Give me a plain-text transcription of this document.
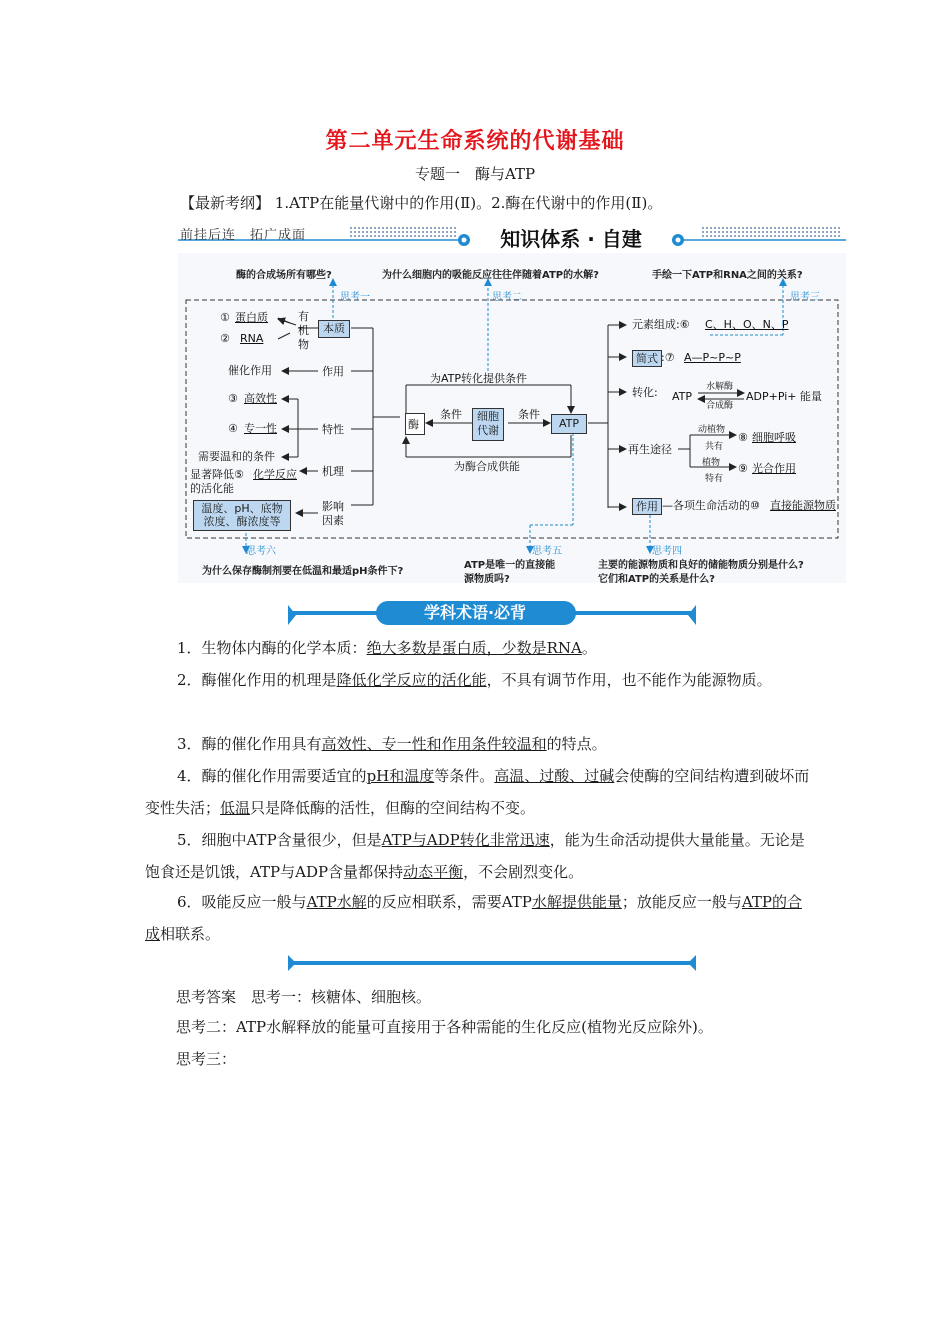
第二单元生命系统的代谢基础
专题一　酶与ATP
【最新考纲】 1.ATP在能量代谢中的作用(Ⅱ)。2.酶在代谢中的作用(Ⅱ)。
前挂后连　拓广成面	知识体系 · 自建
酶的合成场所有哪些?	为什么细胞内的吸能反应往往伴随着ATP的水解?	手绘一下ATP和RNA之间的关系?
思考一	思考二	思考三
思考六	思考五	思考四
为什么保存酶制剂要在低温和最适pH条件下?
ATP是唯一的直接能
源物质吗?
主要的能源物质和良好的储能物质分别是什么?
它们和ATP的关系是什么?
① 蛋白质
② RNA
有
机
物
本质
催化作用	作用
③ 高效性
④ 专一性
需要温和的条件
特性
显著降低⑤ 化学反应
的活化能
机理
温度、pH、底物
浓度、酶浓度等
影响
因素
酶
细胞
代谢
ATP
条件	条件
为ATP转化提供条件
为酶合成供能
元素组成:⑥ C、H、O、N、P
简式 :⑦ A—P~P~P
转化: ATP
水解酶
合成酶
ADP+Pi+ 能量
再生途径
动植物
共有
⑧ 细胞呼吸
植物
特有
⑨ 光合作用
作用 —各项生命活动的⑩ 直接能源物质
学科术语·必背
1．生物体内酶的化学本质：绝大多数是蛋白质，少数是RNA。
2．酶催化作用的机理是降低化学反应的活化能，不具有调节作用，也不能作为能源物质。
3．酶的催化作用具有高效性、专一性和作用条件较温和的特点。
4．酶的催化作用需要适宜的pH和温度等条件。高温、过酸、过碱会使酶的空间结构遭到破坏而变性失活；低温只是降低酶的活性，但酶的空间结构不变。
5．细胞中ATP含量很少，但是ATP与ADP转化非常迅速，能为生命活动提供大量能量。无论是饱食还是饥饿，ATP与ADP含量都保持动态平衡，不会剧烈变化。
6．吸能反应一般与ATP水解的反应相联系，需要ATP水解提供能量；放能反应一般与ATP的合成相联系。
思考答案　思考一：核糖体、细胞核。
思考二：ATP水解释放的能量可直接用于各种需能的生化反应(植物光反应除外)。
思考三：
